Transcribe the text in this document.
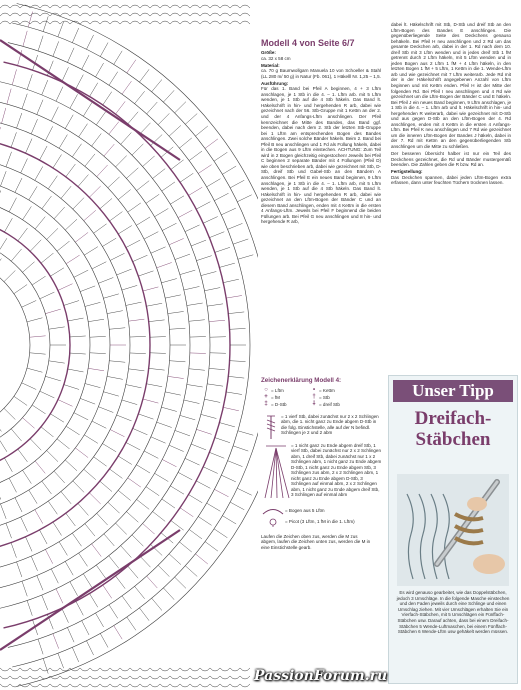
Modell 4 von Seite 6/7

Größe:
ca. 32 x 58 cm

Material:
ca. 70 g Baumwollgarn Manuela 10 von Schoeller & Stahl (LL 280 m/ 50 g) in Natur (Fb. 061), 1 Häkelll Nr. 1,25 – 1,5.

Ausführung:
Für das 1. Band bei Pfeil A beginnen, 4 + 3 Lftm anschlagen, je 1 Stb in die 4. – 1. Lftm arb. mit 5 Lftm wenden, je 1 Stb auf die 4 Stb häkeln. Das Band lt. Häkelschrift in hin- und hergehenden R arb, dabei wie gezeichnet nach der 56. Stb-Gruppe mit 1 Kettm an der 2. und der 4 Anfangs-Lftm anschlingen. Der Pfeil kennzeichnet die Mitte des Bandes, das Band ggf. beenden, dabei nach dem 2. Stb der letzten Stb-Gruppe bei 1 Lftm am entsprechenden Bogen des Bandes anschlingen. Zwei solche Bänder häkeln. Beim 2. Band bei Pfeil B neu anschlingen und 1 Fd als Füllung häkeln, dabei in die Bogen aus 9 Lftm einstechen. ACHTUNG: Zum Teil wird in 2 Bogen gleichzeitig eingestochen! Jeweils bei Pfeil C beginnen 2 separate Bänder mit 4 Füllungen (Pfeil D) wie oben beschrieben arb, dabei wie gezeichnet mit Stb, D-Stb, dreif Stb und Gabel-Stb an den Bändern A anschlingen. Bei Pfeil E ein neues Band beginnen, 9 Lftm anschlagen, je 1 Stb in die 4. – 1. Lftm arb, mit 5 Lftm wenden, je 1 Stb auf die 4 Stb häkeln. Das Band lt. Häkelschrift in hin- und hergehenden R arb, dabei wie gezeichnet an den Lftm-Bogen der Bänder C und an diesem Band anschlingen, enden mit 4 Kettm in die ersten 4 Anfangs-Lftm. Jeweils bei Pfeil F beginnend die beiden Füllungen arb. Bei Pfeil G neu anschlingen und 8 hin- und hergehende R arb,

dabei lt. Häkelschrift mit Stb, D-Stb und dreif Stb an den Lftm-Bogen des Bandes E anschlingen. Die gegenüberliegende Seite des Deckchens genauso behäkeln. Bei Pfeil H neu anschlingen und 2 Rd um das gesamte Deckchen arb, dabei in der 1. Rd nach dem 10. dreif Stb mit 3 Lftm wenden und in jedes dreif Stb 1 fM getrennt durch 2 Lftm häkeln, mit 5 Lftm wenden und in jeden Bogen aus 2 Lftm 1 fM + 4 Lftm häkeln, in den letzten Bogen 1 fM + 5 Lftm, 1 Kettm in die 1. Wende-Lftm arb und wie gezeichnet mit 7 Lftm weiterarb. Jede Rd mit der in der Häkelschrift angegebenen Anzahl von Lftm beginnen und mit Kettm enden. Pfeil H ist der Mitte der folgenden Rd. Bei Pfeil I neu anschlingen und 4 Rd wie gezeichnet um die Lftm-Bogen der Bänder C und E häkeln. Bei Pfeil J ein neues Band beginnen, 9 Lftm anschlagen, je 1 Stb in die 4. – 1. Lftm arb und lt. Häkelschrift in hin- und hergehenden R weiterarb, dabei wie gezeichnet mit D-Stb und aus gegen D-Stb an den Lftm-Bogen der 4. Rd anschlingen, enden mit 4 Kettm in die ersten 4 Anfangs-Lftm. Bei Pfeil K neu anschlingen und 7 Rd wie gezeichnet um die inneren Lftm-Bogen der Bandes J häkeln, dabei in der 7. Rd mit Kettm an den gegenüberliegenden Stb anschlingen um die Mitte zu schließen.

Der besseren Übersicht halber ist nur ein Teil des Deckchens gezeichnet, die Rd und Bänder mustergemäß beenden. Die Zahlen geben die R bzw. Rd an.

Fertigstellung:
Das Deckchen spannen, dabei jeden Lftm-Bogen extra erfassen, dann unter feuchten Tüchern trocknen lassen.

Zeichenerklärung Modell 4:
○ = Lftm	• = Kettm
+ = fM	† = Stb
‡ = D-Stb	⸸ = dreif Stb

= 1 vierf Stb, dabei zunächst nur 2 x 2 Schlingen abm, die 1. nicht ganz zu Ende abgem D-Stb in die folg. Einstichstelle, alle auf der N befindl. Schlingen je 2 und 2 abm

= 1 nicht ganz zu Ende abgem dreif Stb, 1 vierf Stb, dabei zunächst nur 2 x 2 Schlingen abm, 1 dreif Stb, dabei zunächst nur 1 x 2 Schlingen abm, 1 nicht ganz zu Ende abgem D-Stb, 1 nicht ganz zu Ende abgem Stb, 3 Schlingen zus abm, 2 x 2 Schlingen abm, 1 nicht ganz zu Ende abgem D-Stb, 3 Schlingen auf einmal abm, 2 x 2 Schlingen abm, 1 nicht ganz zu Ende abgem dreif Stb, 3 Schlingen auf einmal abm

= Bogen aus 5 Lftm
= Picot (3 Lftm, 1 fM in die 1. Lftm)

Laufen die Zeichen oben zus, werden die M zus abgem, laufen die Zeichen unten zus, werden die M in eine Einstichstelle gearb.

Unser Tipp
Dreifach-
Stäbchen
Es wird genauso gearbeitet, wie das Doppelstäbchen, jedoch 3 Umschläge. In die folgende Masche einstechen und den Faden jeweils durch eine Schlinge und einen Umschlag ziehen. Mit vier Umschlägen erhalten Sie ein Vierfach-Stäbchen, mit 5 Umschlägen ein Fünffach-Stäbchen usw. Darauf achten, dass bei einem Dreifach-Stäbchen 5 Wende-Luftmaschen, bei einem Fünffach-Stäbchen 6 Wende-Lftm usw gehäkelt werden müssen.
PassionForum.ru
